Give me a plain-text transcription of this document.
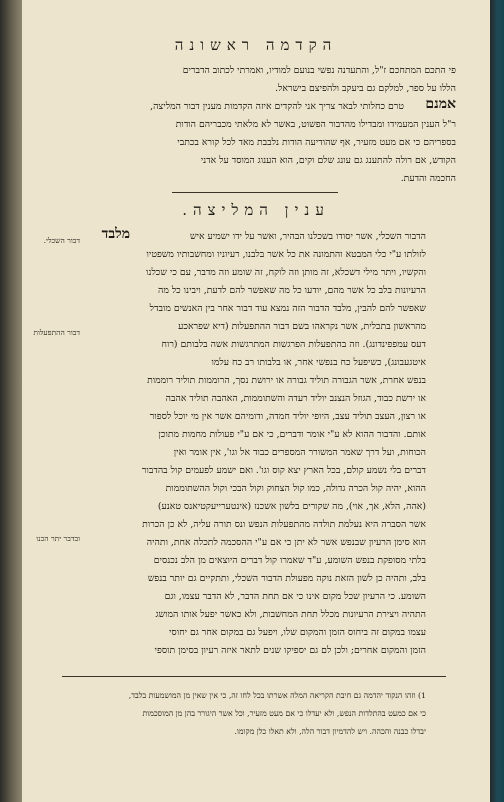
הקדמה ראשונה
פי התכם המתחכם ז"ל, והתעדנה נפשי בנועם למודיו, ואמרתי לכתוב הדברים
הללו על ספר, למלקם גם ביעקב ולהפיצם בישראל.
אמנם
טרם כחלותי לבאר צריך אני להקדים איזה הקדמות מענין דבור המליצה,
ר"ל הענין המעמידו ומבדילו מהדבור הפשוט, באשר לא מלאתי מכבריהם הודות
בספריהם כי אם מעט מזעיר, אף שהודיעה הודות נלבבת מאד לכל קורא בכתבי
הקודש, אם רולה להתענג גם עונג שלם וקים, הוא הענוג המוסד על אדני
החכמה והדעת.
ענין המליצה.
דבור השכלי.
דבור ההתפעלות
ובדבר יתר הכנו
מלבד	הדבור השכלי, אשר יסודו בשכלנו הבהיר, ואשר על ידו ישמיע איש
לזולתו ע"י כלי המבטא והתמונה את כל אשר בלבנו, רעיוניו ומחשבותיו משפטיו
והקשיו, ויתר מילי דשכלא, זה מותן וזה לוקח, זה שומע וזה מדבר, עם כי שכלנו
הרעיונות בלב כל אשר מהם, יודעו כל מה שאפשר להם לדעת, ויבינו כל מה
שאפשר להם להבין, מלבד הדבור הזה נמצא עוד דבור אחר בין האנשים מובדל
מהראשון בתכלית, אשר נקראהו בשם דבור ההתפעלות (דיא שפראכע
דעס עמפפינדונג). וזה בהתפעלות הפרגשות המתרגשות אשה בלבותם (רוח
איטגעבונג), כשיפעל כח בנפשי אחר, או בלבותו רב כח עלמו
בנפש אחרת, אשר הגבורה תוליד גבורה או ירושת נסך, הרוממות תוליד רוממות
או ירשת כבוד, הגוזל הנצנב יוליד רעדה והשתוממות, האהבה תוליד אהבה
או רצון, העצב תוליד עצב, היופי יוליד חמדה, ודומיהם אשר אין מי יוכל לספור
אותם. והדבור ההוא לא ע"י אומר ודברים, כי אם ע"י פעולות מחמות מתוכן
הכוחות, ועל דרך שאמר המשורר המספרים כבוד אל וגו', אין אומר ואין
דברים בלי נשמע קולם, בכל הארץ יצא קוס וגו'. ואם ישמע לפעמים קול בהדבור
ההוא, יהיה קול הכרה גדולה, כמו קול הצחוק וקול הבכי וקול ההשתוממות
(אהה, הלא, אך, אוי), מה שקורים בלשון אשכנז (אינטערייעקטיאנס טאנע)
אשר הסברה היא נעלמת תולדה מהתפעלות הנפש ונס תורה עליה, לא כן הכרות
הוא סימן הרעיון שבנפש אשר לא יתן כי אם ע"י ההסכמה לתכלה אחת, ותהיה
בלתי מסופקת בנפש השומע, ע"ד שאמרו קול דברים היוצאים מן הלב נכנסים
בלב, ותהיה כן לשון הזאת נוקה מפעולת הדבור השכלי, ותתקיים גם יותר בנפש
השומע. כי הרעיון שכל מקום אינו כי אם תחת הדבר, לא הדבר עצמו, וגם
התהיה ויצירת הרעיונות מכלל תחת המחשבות, ולא כאשר יפעל אותו המושג
עצמו במקום זה ביחוס הזמן והמקום שלו, ויפעל גם במקום אחר גם יחוסי
הזמן והמקום אחרים; ולכן לם גם יספיקו שנים לתאר איזה רעיון בסימן תוספי
1) וזהו הנקוד יהדמה גם חיבת הקריאה המלה אשרתו בכל לחו זה, כי אין שאין מן המושמעות בלבד,
כי אם כמעט בהתלדות הנפש, ולא יעדלו כי אם מעט מזעיר, וכל אשר היגורר בהן מן המוסכמות
יבדלו כבנה והכהה. ויש להדמיון דבור הלה, ולא תאלו כלן מקומו.
